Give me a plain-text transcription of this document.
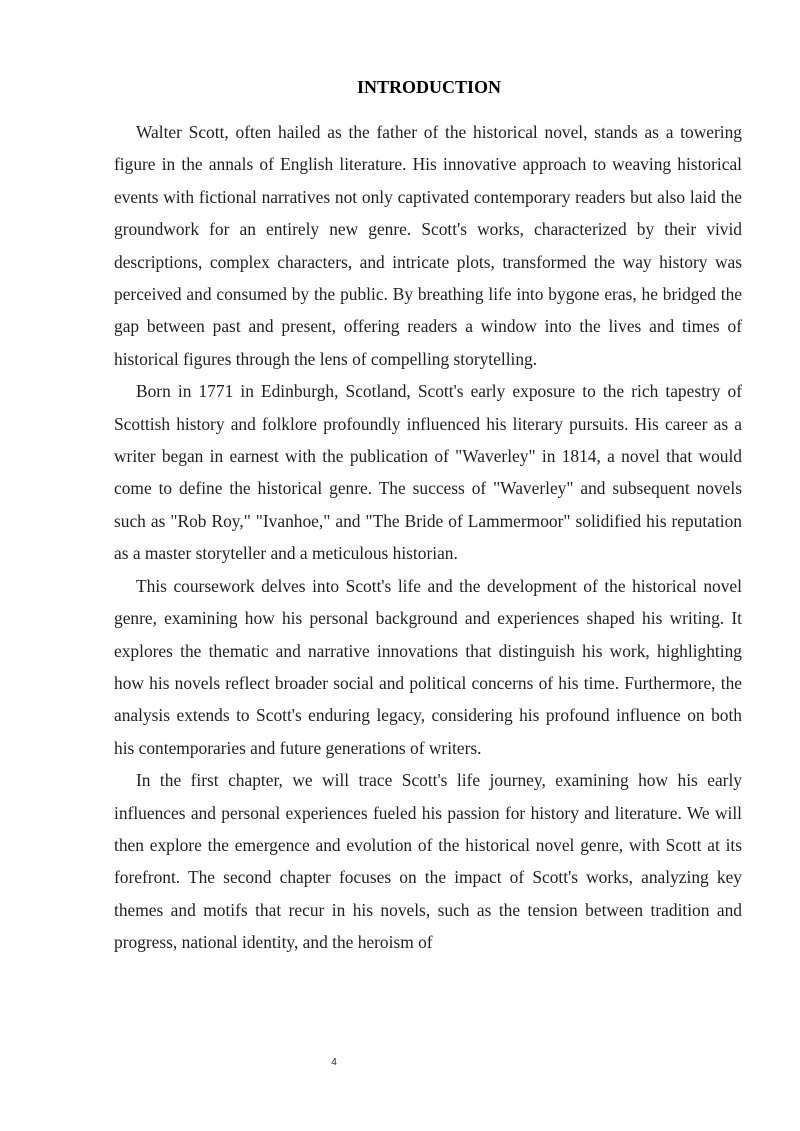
INTRODUCTION

Walter Scott, often hailed as the father of the historical novel, stands as a towering figure in the annals of English literature. His innovative approach to weaving historical events with fictional narratives not only captivated contemporary readers but also laid the groundwork for an entirely new genre. Scott's works, characterized by their vivid descriptions, complex characters, and intricate plots, transformed the way history was perceived and consumed by the public. By breathing life into bygone eras, he bridged the gap between past and present, offering readers a window into the lives and times of historical figures through the lens of compelling storytelling.

Born in 1771 in Edinburgh, Scotland, Scott's early exposure to the rich tapestry of Scottish history and folklore profoundly influenced his literary pursuits. His career as a writer began in earnest with the publication of "Waverley" in 1814, a novel that would come to define the historical genre. The success of "Waverley" and subsequent novels such as "Rob Roy," "Ivanhoe," and "The Bride of Lammermoor" solidified his reputation as a master storyteller and a meticulous historian.

This coursework delves into Scott's life and the development of the historical novel genre, examining how his personal background and experiences shaped his writing. It explores the thematic and narrative innovations that distinguish his work, highlighting how his novels reflect broader social and political concerns of his time. Furthermore, the analysis extends to Scott's enduring legacy, considering his profound influence on both his contemporaries and future generations of writers.

In the first chapter, we will trace Scott's life journey, examining how his early influences and personal experiences fueled his passion for history and literature. We will then explore the emergence and evolution of the historical novel genre, with Scott at its forefront. The second chapter focuses on the impact of Scott's works, analyzing key themes and motifs that recur in his novels, such as the tension between tradition and progress, national identity, and the heroism of

4
